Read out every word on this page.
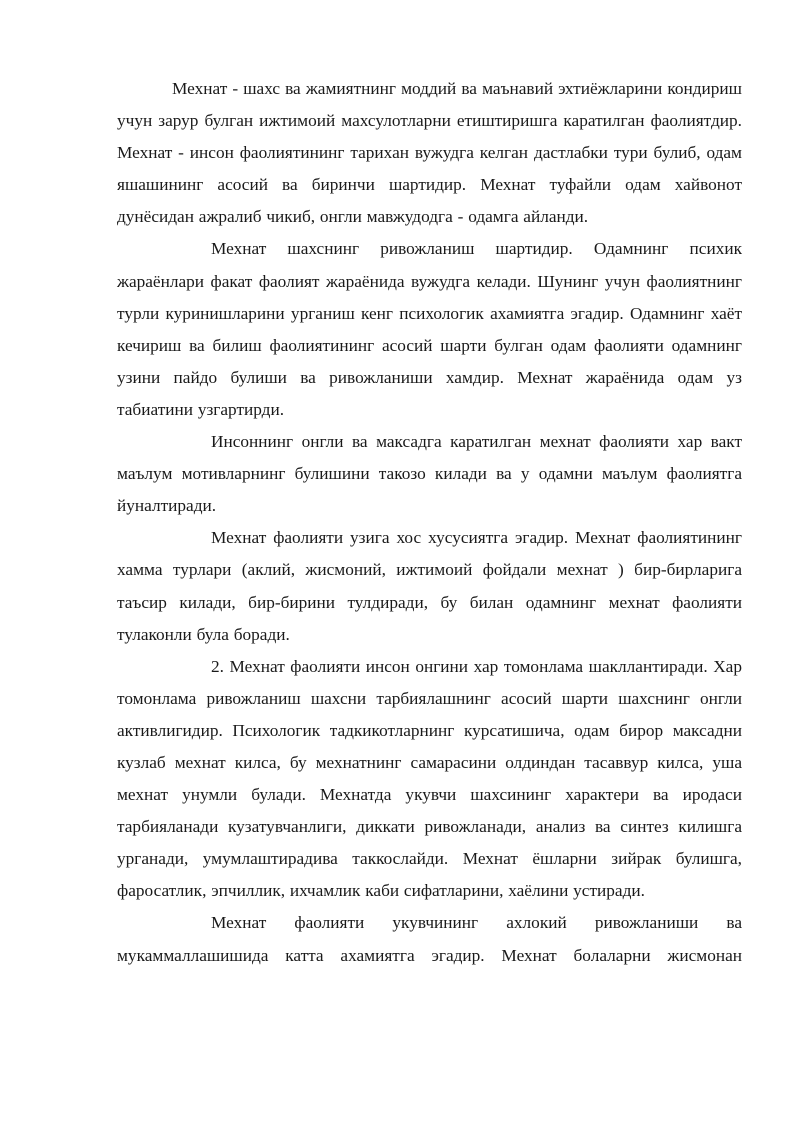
Мехнат - шахс ва жамиятнинг моддий ва маънавий эхтиёжларини кондириш учун зарур булган ижтимоий махсулотларни етиштиришга каратилган фаолиятдир. Мехнат - инсон фаолиятининг тарихан вужудга келган дастлабки тури булиб, одам яшашининг асосий ва биринчи шартидир. Мехнат туфайли одам хайвонот дунёсидан ажралиб чикиб, онгли мавжудодга - одамга айланди.

Мехнат шахснинг ривожланиш шартидир. Одамнинг психик жараёнлари факат фаолият жараёнида вужудга келади. Шунинг учун фаолиятнинг турли куринишларини урганиш кенг психологик ахамиятга эгадир. Одамнинг хаёт кечириш ва билиш фаолиятининг асосий шарти булган одам фаолияти одамнинг узини пайдо булиши ва ривожланиши хамдир. Мехнат жараёнида одам уз табиатини узгартирди.

Инсоннинг онгли ва максадга каратилган мехнат фаолияти хар вакт маълум мотивларнинг булишини такозо килади ва у одамни маълум фаолиятга йуналтиради.

Мехнат фаолияти узига хос хусусиятга эгадир. Мехнат фаолиятининг хамма турлари (аклий, жисмоний, ижтимоий фойдали мехнат ) бир-бирларига таъсир килади, бир-бирини тулдиради, бу билан одамнинг мехнат фаолияти тулаконли була боради.

2. Мехнат фаолияти инсон онгини хар томонлама шакллантиради. Хар томонлама ривожланиш шахсни тарбиялашнинг асосий шарти шахснинг онгли активлигидир. Психологик тадкикотларнинг курсатишича, одам бирор максадни кузлаб мехнат килса, бу мехнатнинг самарасини олдиндан тасаввур килса, уша мехнат унумли булади. Мехнатда укувчи шахсининг характери ва иродаси тарбияланади кузатувчанлиги, диккати ривожланади, анализ ва синтез килишга урганади, умумлаштирадива таккослайди. Мехнат ёшларни зийрак булишга, фаросатлик, эпчиллик, ихчамлик каби сифатларини, хаёлини устиради.

Мехнат фаолияти укувчининг ахлокий ривожланиши ва мукаммаллашишида катта ахамиятга эгадир. Мехнат болаларни жисмонан
